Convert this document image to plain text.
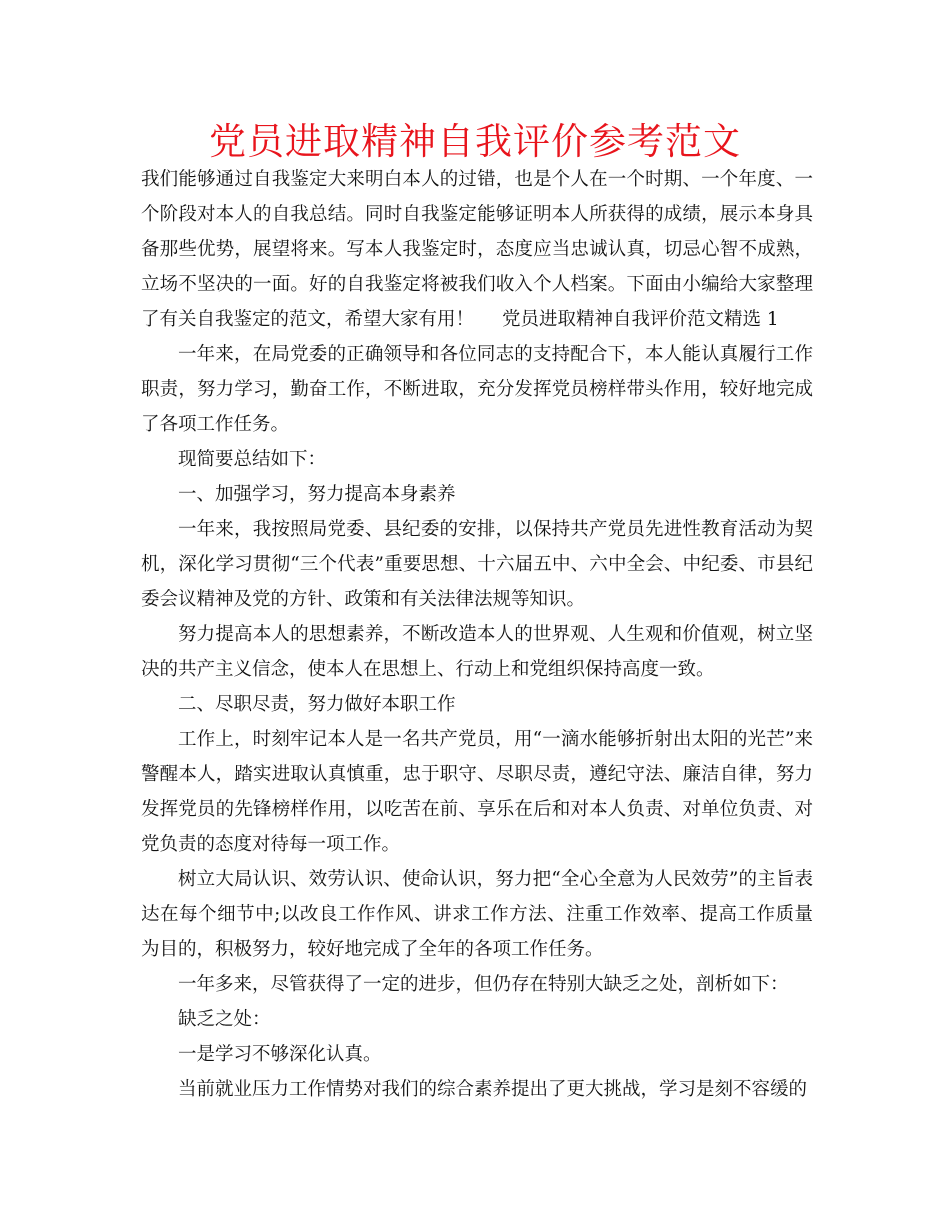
党员进取精神自我评价参考范文

我们能够通过自我鉴定大来明白本人的过错，也是个人在一个时期、一个年度、一个阶段对本人的自我总结。同时自我鉴定能够证明本人所获得的成绩，展示本身具备那些优势，展望将来。写本人我鉴定时，态度应当忠诚认真，切忌心智不成熟，立场不坚决的一面。好的自我鉴定将被我们收入个人档案。下面由小编给大家整理了有关自我鉴定的范文，希望大家有用！ 党员进取精神自我评价范文精选 1

一年来，在局党委的正确领导和各位同志的支持配合下，本人能认真履行工作职责，努力学习，勤奋工作，不断进取，充分发挥党员榜样带头作用，较好地完成了各项工作任务。

现简要总结如下：

一、加强学习，努力提高本身素养

一年来，我按照局党委、县纪委的安排，以保持共产党员先进性教育活动为契机，深化学习贯彻“三个代表”重要思想、十六届五中、六中全会、中纪委、市县纪委会议精神及党的方针、政策和有关法律法规等知识。

努力提高本人的思想素养，不断改造本人的世界观、人生观和价值观，树立坚决的共产主义信念，使本人在思想上、行动上和党组织保持高度一致。

二、尽职尽责，努力做好本职工作

工作上，时刻牢记本人是一名共产党员，用“一滴水能够折射出太阳的光芒”来警醒本人，踏实进取认真慎重，忠于职守、尽职尽责，遵纪守法、廉洁自律，努力发挥党员的先锋榜样作用，以吃苦在前、享乐在后和对本人负责、对单位负责、对党负责的态度对待每一项工作。

树立大局认识、效劳认识、使命认识，努力把“全心全意为人民效劳”的主旨表达在每个细节中;以改良工作作风、讲求工作方法、注重工作效率、提高工作质量为目的，积极努力，较好地完成了全年的各项工作任务。

一年多来，尽管获得了一定的进步，但仍存在特别大缺乏之处，剖析如下：

缺乏之处：

一是学习不够深化认真。

当前就业压力工作情势对我们的综合素养提出了更大挑战，学习是刻不容缓的
